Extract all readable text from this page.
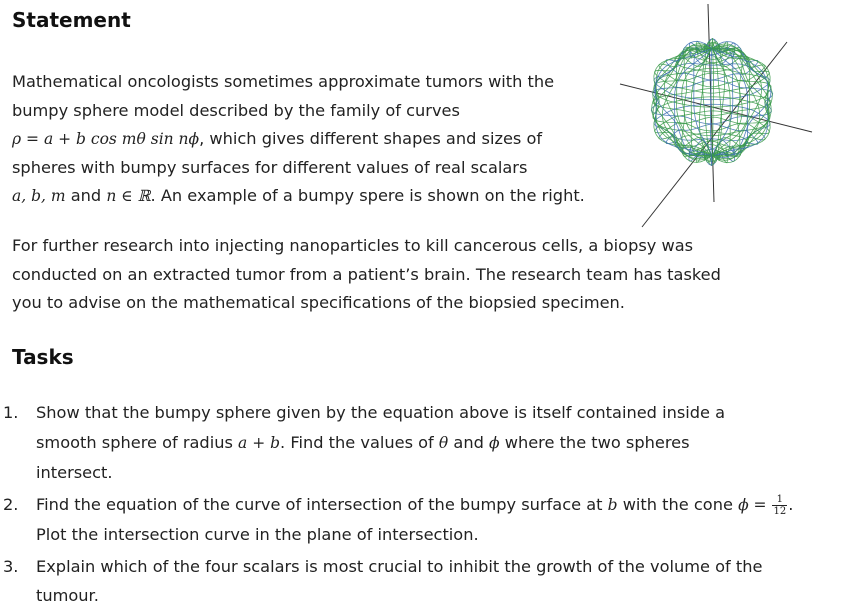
Statement
Mathematical oncologists sometimes approximate tumors with the
bumpy sphere model described by the family of curves
ρ = a + b cos mθ sin nϕ, which gives different shapes and sizes of
spheres with bumpy surfaces for different values of real scalars
a, b, m and n ∈ ℝ. An example of a bumpy spere is shown on the right.
For further research into injecting nanoparticles to kill cancerous cells, a biopsy was
conducted on an extracted tumor from a patient’s brain. The research team has tasked
you to advise on the mathematical specifications of the biopsied specimen.
Tasks
1. Show that the bumpy sphere given by the equation above is itself contained inside a
smooth sphere of radius a + b. Find the values of θ and ϕ where the two spheres
intersect.
2. Find the equation of the curve of intersection of the bumpy surface at b with the cone $\phi = \frac{1}{12}$ .
Plot the intersection curve in the plane of intersection.
3. Explain which of the four scalars is most crucial to inhibit the growth of the volume of the
tumour.
